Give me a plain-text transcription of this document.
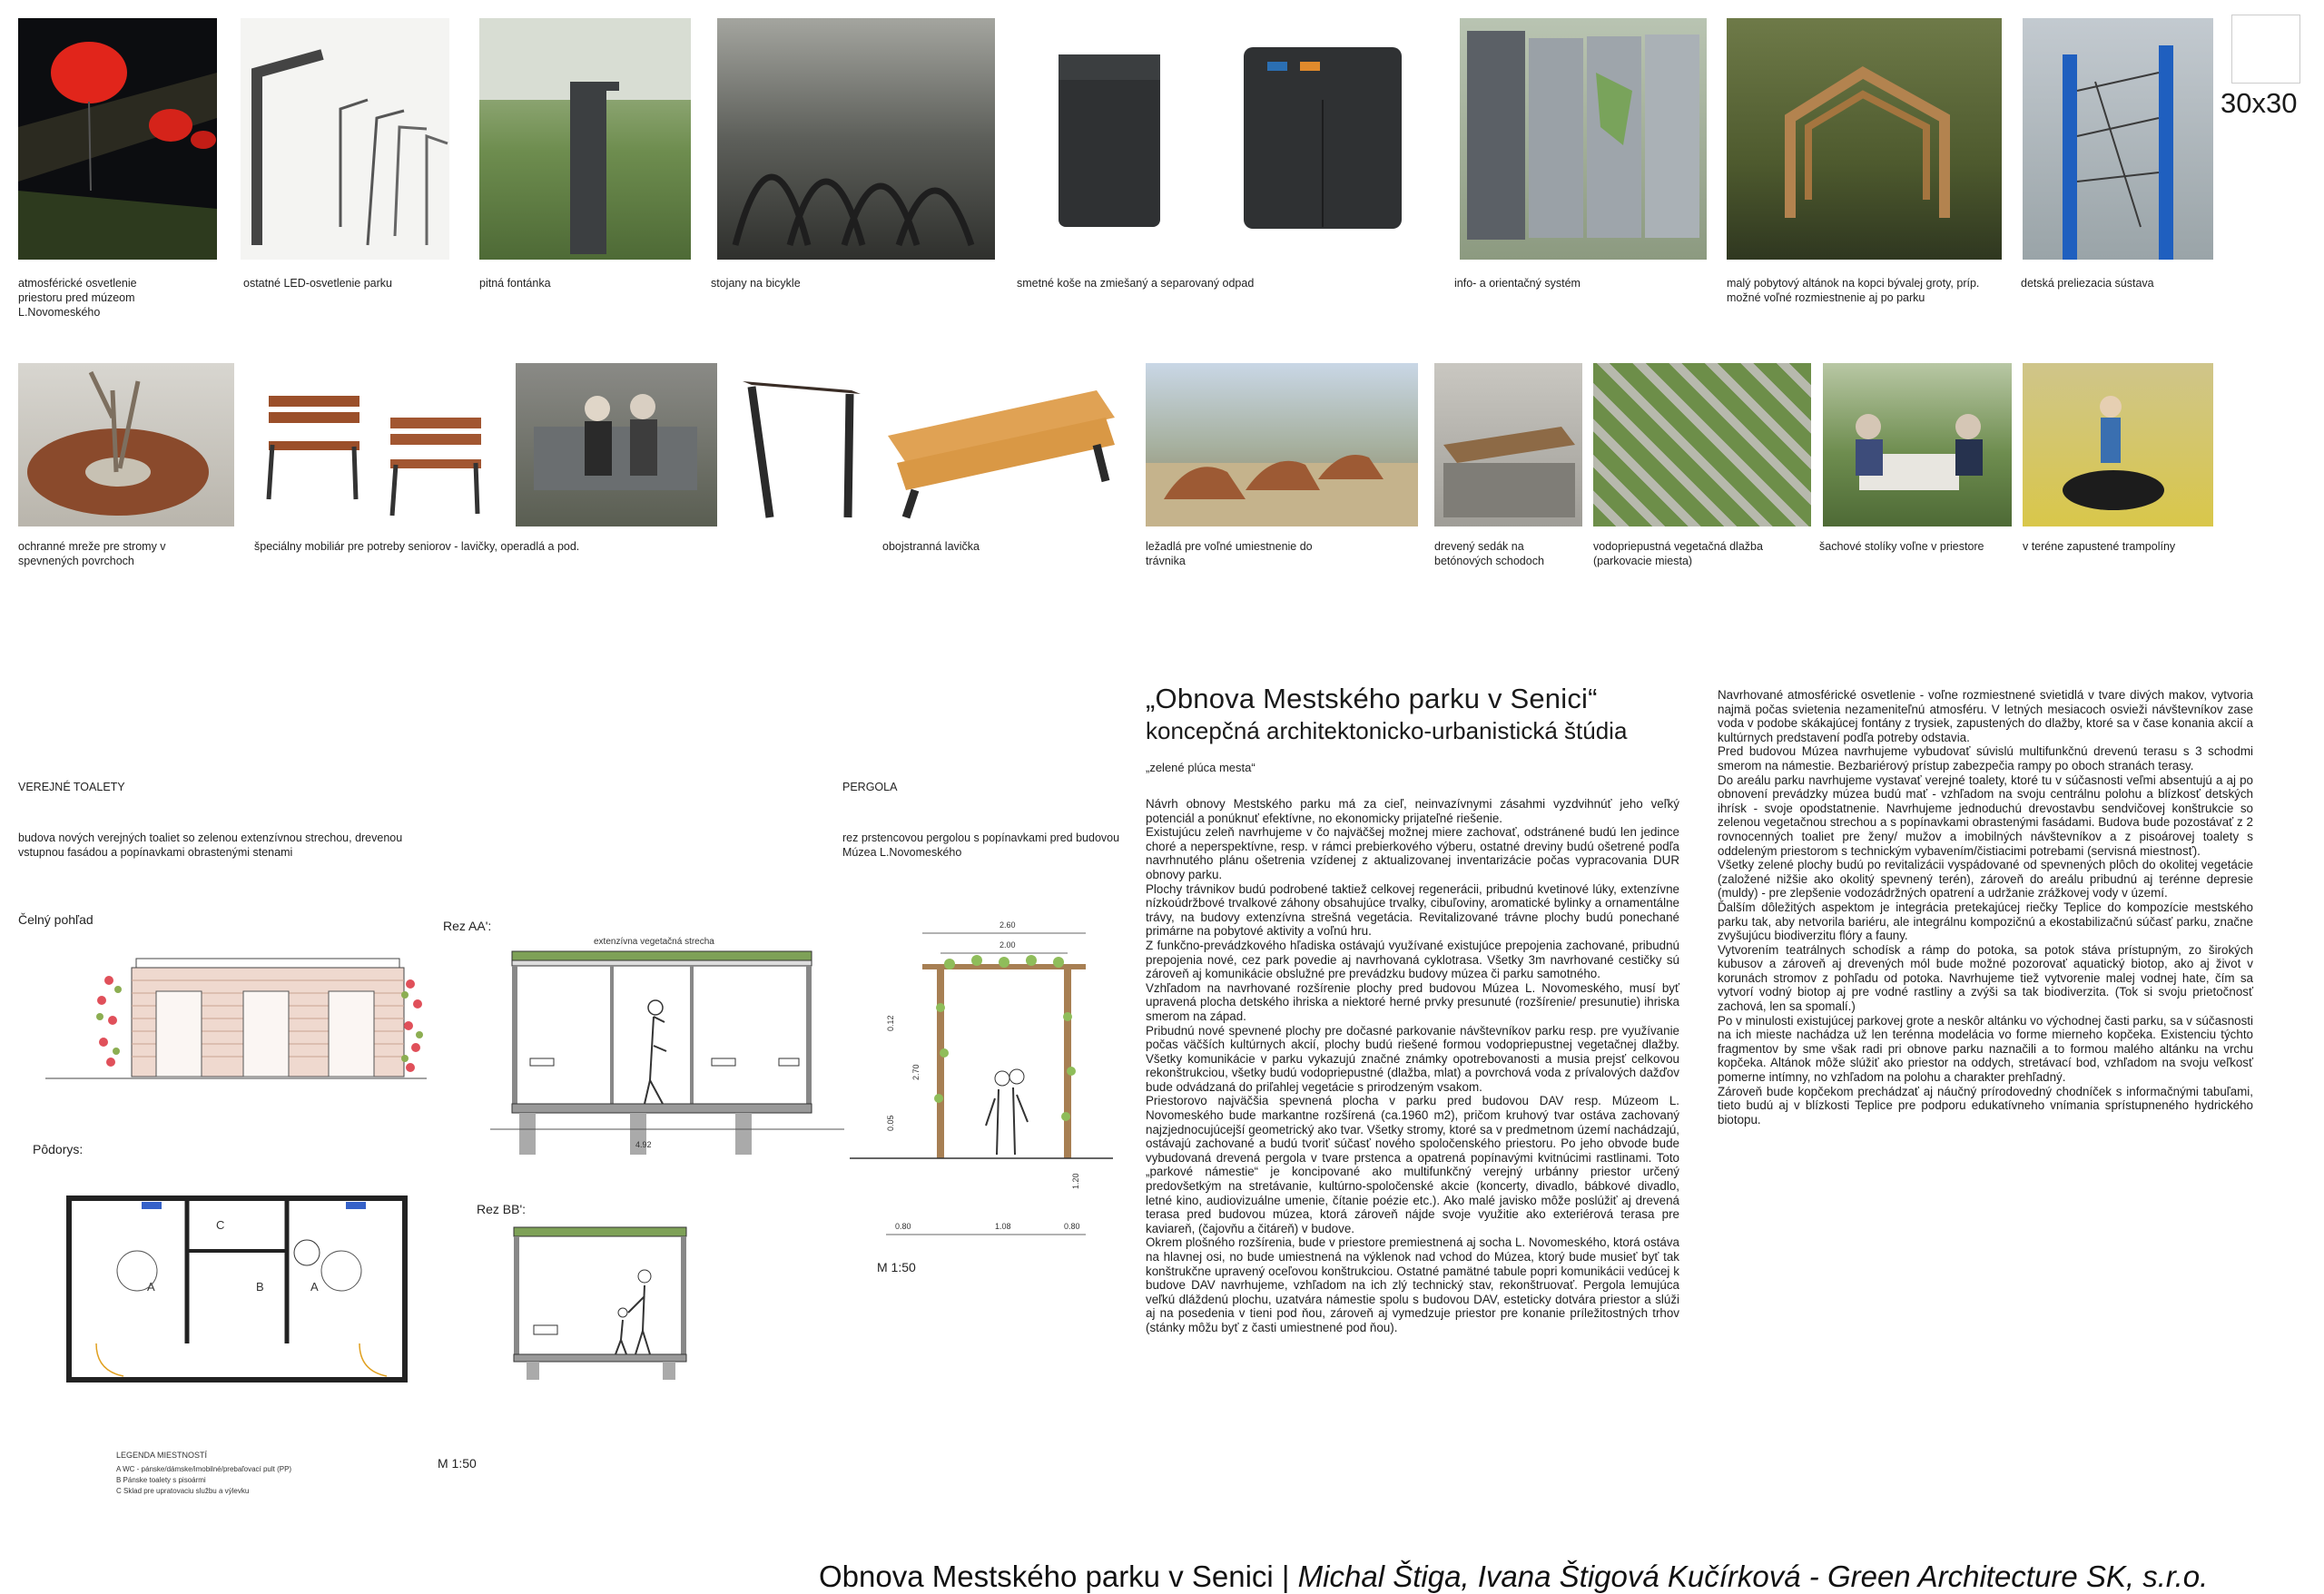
30x30
atmosférické osvetlenie priestoru pred múzeom L.Novomeského
ostatné LED-osvetlenie parku	pitná fontánka	stojany na bicykle	smetné koše na zmiešaný a separovaný odpad	info- a orientačný systém	malý pobytový altánok na kopci bývalej groty, príp. možné voľné rozmiestnenie aj po parku
detská preliezacia sústava
ochranné mreže pre stromy v spevnených povrchoch
špeciálny mobiliár pre potreby seniorov - lavičky, operadlá a pod.	obojstranná lavička	ležadlá pre voľné umiestnenie do trávnika
drevený sedák na betónových schodoch
vodopriepustná vegetačná dlažba (parkovacie miesta)
šachové stolíky voľne v priestore	v teréne zapustené trampolíny
VEREJNÉ TOALETY
budova nových verejných toaliet so zelenou extenzívnou strechou, drevenou vstupnou fasádou a popínavkami obrastenými stenami
Čelný pohľad	Rez AA':
Pôdorys:
Rez BB':
extenzívna vegetačná strecha
M 1:50
4.92
C
A	B	A
LEGENDA MIESTNOSTÍ
A WC - pánske/dámske/imobilné/prebaľovací pult (PP)
B Pánske toalety s pisoármi
C Sklad pre upratovaciu službu a výlevku
PERGOLA
rez prstencovou pergolou s popínavkami pred budovou Múzea L.Novomeského
2.60
2.00
0.80	1.08	0.80
2.70
1.20
0.12
0.05
M 1:50
„Obnova Mestského parku v Senici“
koncepčná architektonicko-urbanistická štúdia
„zelené plúca mesta“

Návrh obnovy Mestského parku má za cieľ, neinvazívnymi zásahmi vyzdvihnúť jeho veľký potenciál a ponúknuť efektívne, no ekonomicky prijateľné riešenie.

Existujúcu zeleň navrhujeme v čo najväčšej možnej miere zachovať, odstránené budú len jedince choré a neperspektívne, resp. v rámci prebierkového výberu, ostatné dreviny budú ošetrené podľa navrhnutého plánu ošetrenia vzídenej z aktualizovanej inventarizácie počas vypracovania DUR obnovy parku.

Plochy trávnikov budú podrobené taktiež celkovej regenerácii, pribudnú kvetinové lúky, extenzívne nízkoúdržbové trvalkové záhony obsahujúce trvalky, cibuľoviny, aromatické bylinky a ornamentálne trávy, na budovy extenzívna strešná vegetácia. Revitalizované trávne plochy budú ponechané primárne na pobytové aktivity a voľnú hru.

Z funkčno-prevádzkového hľadiska ostávajú využívané existujúce prepojenia zachované, pribudnú prepojenia nové, cez park povedie aj navrhovaná cyklotrasa. Všetky 3m navrhované cestičky sú zároveň aj komunikácie obslužné pre prevádzku budovy múzea či parku samotného.

Vzhľadom na navrhované rozšírenie plochy pred budovou Múzea L. Novomeského, musí byť upravená plocha detského ihriska a niektoré herné prvky presunuté (rozšírenie/ presunutie) ihriska smerom na západ.

Pribudnú nové spevnené plochy pre dočasné parkovanie návštevníkov parku resp. pre využívanie počas väčších kultúrnych akcií, plochy budú riešené formou vodopriepustnej vegetačnej dlažby. Všetky komunikácie v parku vykazujú značné známky opotrebovanosti a musia prejsť celkovou rekonštrukciou, všetky budú vodopriepustné (dlažba, mlat) a povrchová voda z prívalových dažďov bude odvádzaná do priľahlej vegetácie s prirodzeným vsakom.

Priestorovo najväčšia spevnená plocha v parku pred budovou DAV resp. Múzeom L. Novomeského bude markantne rozšírená (ca.1960 m2), pričom kruhový tvar ostáva zachovaný najzjednocujúcejší geometrický ako tvar. Všetky stromy, ktoré sa v predmetnom území nachádzajú, ostávajú zachované a budú tvoriť súčasť nového spoločenského priestoru. Po jeho obvode bude vybudovaná drevená pergola v tvare prstenca a opatrená popínavými kvitnúcimi rastlinami. Toto „parkové námestie“ je koncipované ako multifunkčný verejný urbánny priestor určený predovšetkým na stretávanie, kultúrno-spoločenské akcie (koncerty, divadlo, bábkové divadlo, letné kino, audiovizuálne umenie, čítanie poézie etc.). Ako malé javisko môže poslúžiť aj drevená terasa pred budovou múzea, ktorá zároveň nájde svoje využitie ako exteriérová terasa pre kaviareň, (čajovňu a čitáreň) v budove.

Okrem plošného rozšírenia, bude v priestore premiestnená aj socha L. Novomeského, ktorá ostáva na hlavnej osi, no bude umiestnená na výklenok nad vchod do Múzea, ktorý bude musieť byť tak konštrukčne upravený oceľovou konštrukciou. Ostatné pamätné tabule popri komunikácii vedúcej k budove DAV navrhujeme, vzhľadom na ich zlý technický stav, rekonštruovať. Pergola lemujúca veľkú dláždenú plochu, uzatvára námestie spolu s budovou DAV, esteticky dotvára priestor a slúži aj na posedenia v tieni pod ňou, zároveň aj vymedzuje priestor pre konanie príležitostných trhov (stánky môžu byť z časti umiestnené pod ňou).

Navrhované atmosférické osvetlenie - voľne rozmiestnené svietidlá v tvare divých makov, vytvoria najmä počas svietenia nezameniteľnú atmosféru. V letných mesiacoch osvieži návštevníkov zase voda v podobe skákajúcej fontány z trysiek, zapustených do dlažby, ktoré sa v čase konania akcií a kultúrnych predstavení podľa potreby odstavia.

Pred budovou Múzea navrhujeme vybudovať súvislú multifunkčnú drevenú terasu s 3 schodmi smerom na námestie. Bezbariérový prístup zabezpečia rampy po oboch stranách terasy.

Do areálu parku navrhujeme vystavať verejné toalety, ktoré tu v súčasnosti veľmi absentujú a aj po obnovení prevádzky múzea budú mať - vzhľadom na svoju centrálnu polohu a blízkosť detských ihrísk - svoje opodstatnenie. Navrhujeme jednoduchú drevostavbu sendvičovej konštrukcie so zelenou vegetačnou strechou a s popínavkami obrastenými fasádami. Budova bude pozostávať z 2 rovnocenných toaliet pre ženy/ mužov a imobilných návštevníkov a z pisoárovej toalety s oddeleným priestorom s technickým vybavením/čistiacimi potrebami (servisná miestnosť).

Všetky zelené plochy budú po revitalizácii vyspádované od spevnených plôch do okolitej vegetácie (založené nižšie ako okolitý spevnený terén), zároveň do areálu pribudnú aj terénne depresie (muldy) - pre zlepšenie vodozádržných opatrení a udržanie zrážkovej vody v území.

Ďalším dôležitých aspektom je integrácia pretekajúcej riečky Teplice do kompozície mestského parku tak, aby netvorila bariéru, ale integrálnu kompozičnú a ekostabilizačnú súčasť parku, značne zvyšujúcu biodiverzitu flóry a fauny.

Vytvorením teatrálnych schodísk a rámp do potoka, sa potok stáva prístupným, zo širokých kubusov a zároveň aj drevených mól bude možné pozorovať aquatický biotop, ako aj život v korunách stromov z pohľadu od potoka. Navrhujeme tiež vytvorenie malej vodnej hate, čím sa vytvorí vodný biotop aj pre vodné rastliny a zvýši sa tak biodiverzita. (Tok si svoju prietočnosť zachová, len sa spomalí.)

Po v minulosti existujúcej parkovej grote a neskôr altánku vo východnej časti parku, sa v súčasnosti na ich mieste nachádza už len terénna modelácia vo forme mierneho kopčeka. Existenciu týchto fragmentov by sme však radi pri obnove parku naznačili a to formou malého altánku na vrchu kopčeka. Altánok môže slúžiť ako priestor na oddych, stretávací bod, vzhľadom na svoju veľkosť pomerne intímny, no vzhľadom na polohu a charakter prehľadný.

Zároveň bude kopčekom prechádzať aj náučný prírodovedný chodníček s informačnými tabuľami, tieto budú aj v blízkosti Teplice pre podporu edukatívneho vnímania sprístupneného hydrického biotopu.

Obnova Mestského parku v Senici | Michal Štiga, Ivana Štigová Kučírková - Green Architecture SK, s.r.o.
